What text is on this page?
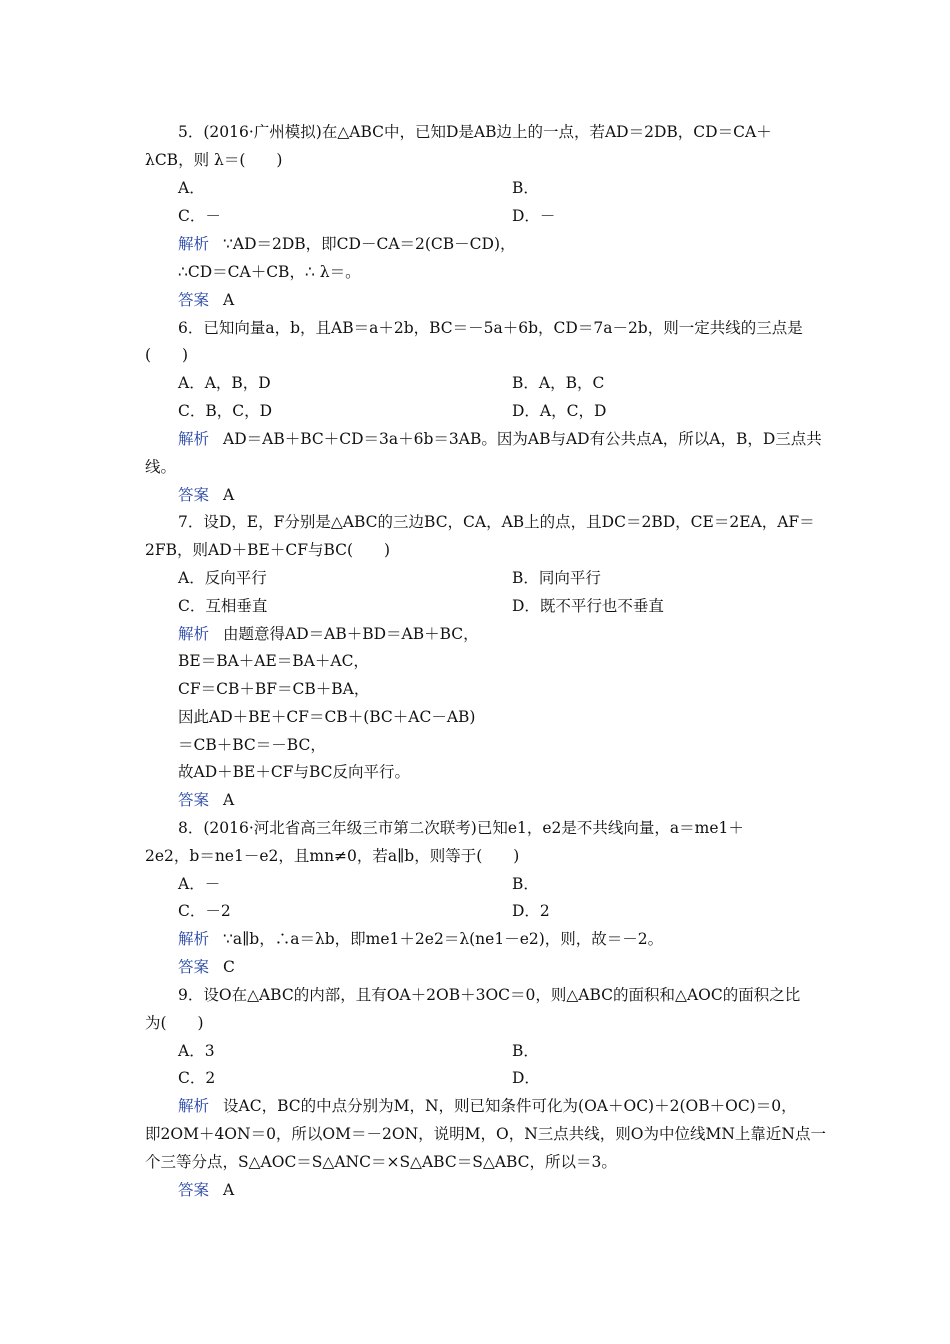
5．(2016·广州模拟)在△ABC中，已知D是AB边上的一点，若AD＝2DB，CD＝CA＋
λCB，则 λ＝(　　)
A．	B．
C．－	D．－
解析 ∵AD＝2DB，即CD－CA＝2(CB－CD)，
∴CD＝CA＋CB，∴ λ＝。
答案 A
6．已知向量a，b，且AB＝a＋2b，BC＝－5a＋6b，CD＝7a－2b，则一定共线的三点是
(　　)
A．A，B，D	B．A，B，C
C．B，C，D	D．A，C，D
解析 AD＝AB＋BC＋CD＝3a＋6b＝3AB。因为AB与AD有公共点A，所以A，B，D三点共
线。
答案 A
7．设D，E，F分别是△ABC的三边BC，CA，AB上的点，且DC＝2BD，CE＝2EA，AF＝
2FB，则AD＋BE＋CF与BC(　　)
A．反向平行	B．同向平行
C．互相垂直	D．既不平行也不垂直
解析 由题意得AD＝AB＋BD＝AB＋BC，
BE＝BA＋AE＝BA＋AC，
CF＝CB＋BF＝CB＋BA，
因此AD＋BE＋CF＝CB＋(BC＋AC－AB)
＝CB＋BC＝－BC，
故AD＋BE＋CF与BC反向平行。
答案 A
8．(2016·河北省高三年级三市第二次联考)已知e1，e2是不共线向量，a＝me1＋
2e2，b＝ne1－e2，且mn≠0，若a∥b，则等于(　　)
A．－	B．
C．－2	D．2
解析 ∵a∥b，∴a＝λb，即me1＋2e2＝λ(ne1－e2)，则，故＝－2。
答案 C
9．设O在△ABC的内部，且有OA＋2OB＋3OC＝0，则△ABC的面积和△AOC的面积之比
为(　　)
A．3	B．
C．2	D．
解析 设AC，BC的中点分别为M，N，则已知条件可化为(OA＋OC)＋2(OB＋OC)＝0，
即2OM＋4ON＝0，所以OM＝－2ON，说明M，O，N三点共线，则O为中位线MN上靠近N点一
个三等分点，S△AOC＝S△ANC＝×S△ABC＝S△ABC，所以＝3。
答案 A
